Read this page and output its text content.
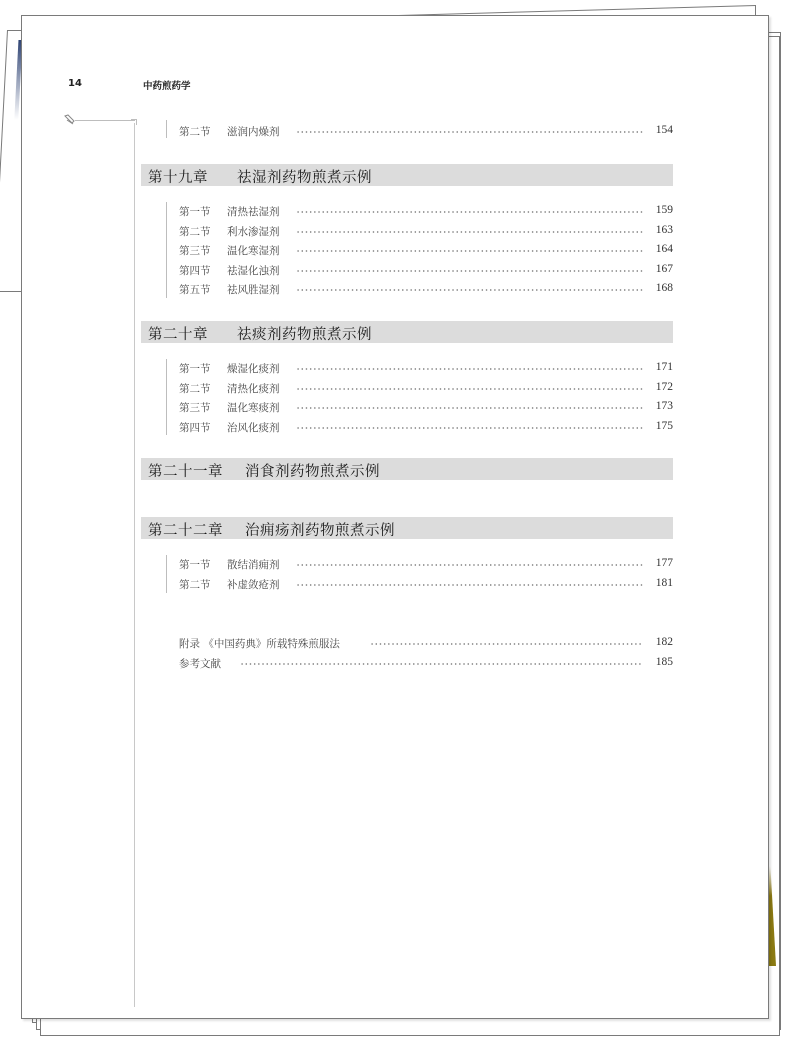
14	中药煎药学
第二节 滋润内燥剂	154
第十九章 祛湿剂药物煎煮示例
第一节 清热祛湿剂	159
第二节 利水渗湿剂	163
第三节 温化寒湿剂	164
第四节 祛湿化浊剂	167
第五节 祛风胜湿剂	168
第二十章 祛痰剂药物煎煮示例
第一节 燥湿化痰剂	171
第二节 清热化痰剂	172
第三节 温化寒痰剂	173
第四节 治风化痰剂	175
第二十一章 消食剂药物煎煮示例
第二十二章 治痈疡剂药物煎煮示例
第一节 散结消痈剂	177
第二节 补虚敛疮剂	181
附录 《中国药典》所载特殊煎服法	182
参考文献	185
